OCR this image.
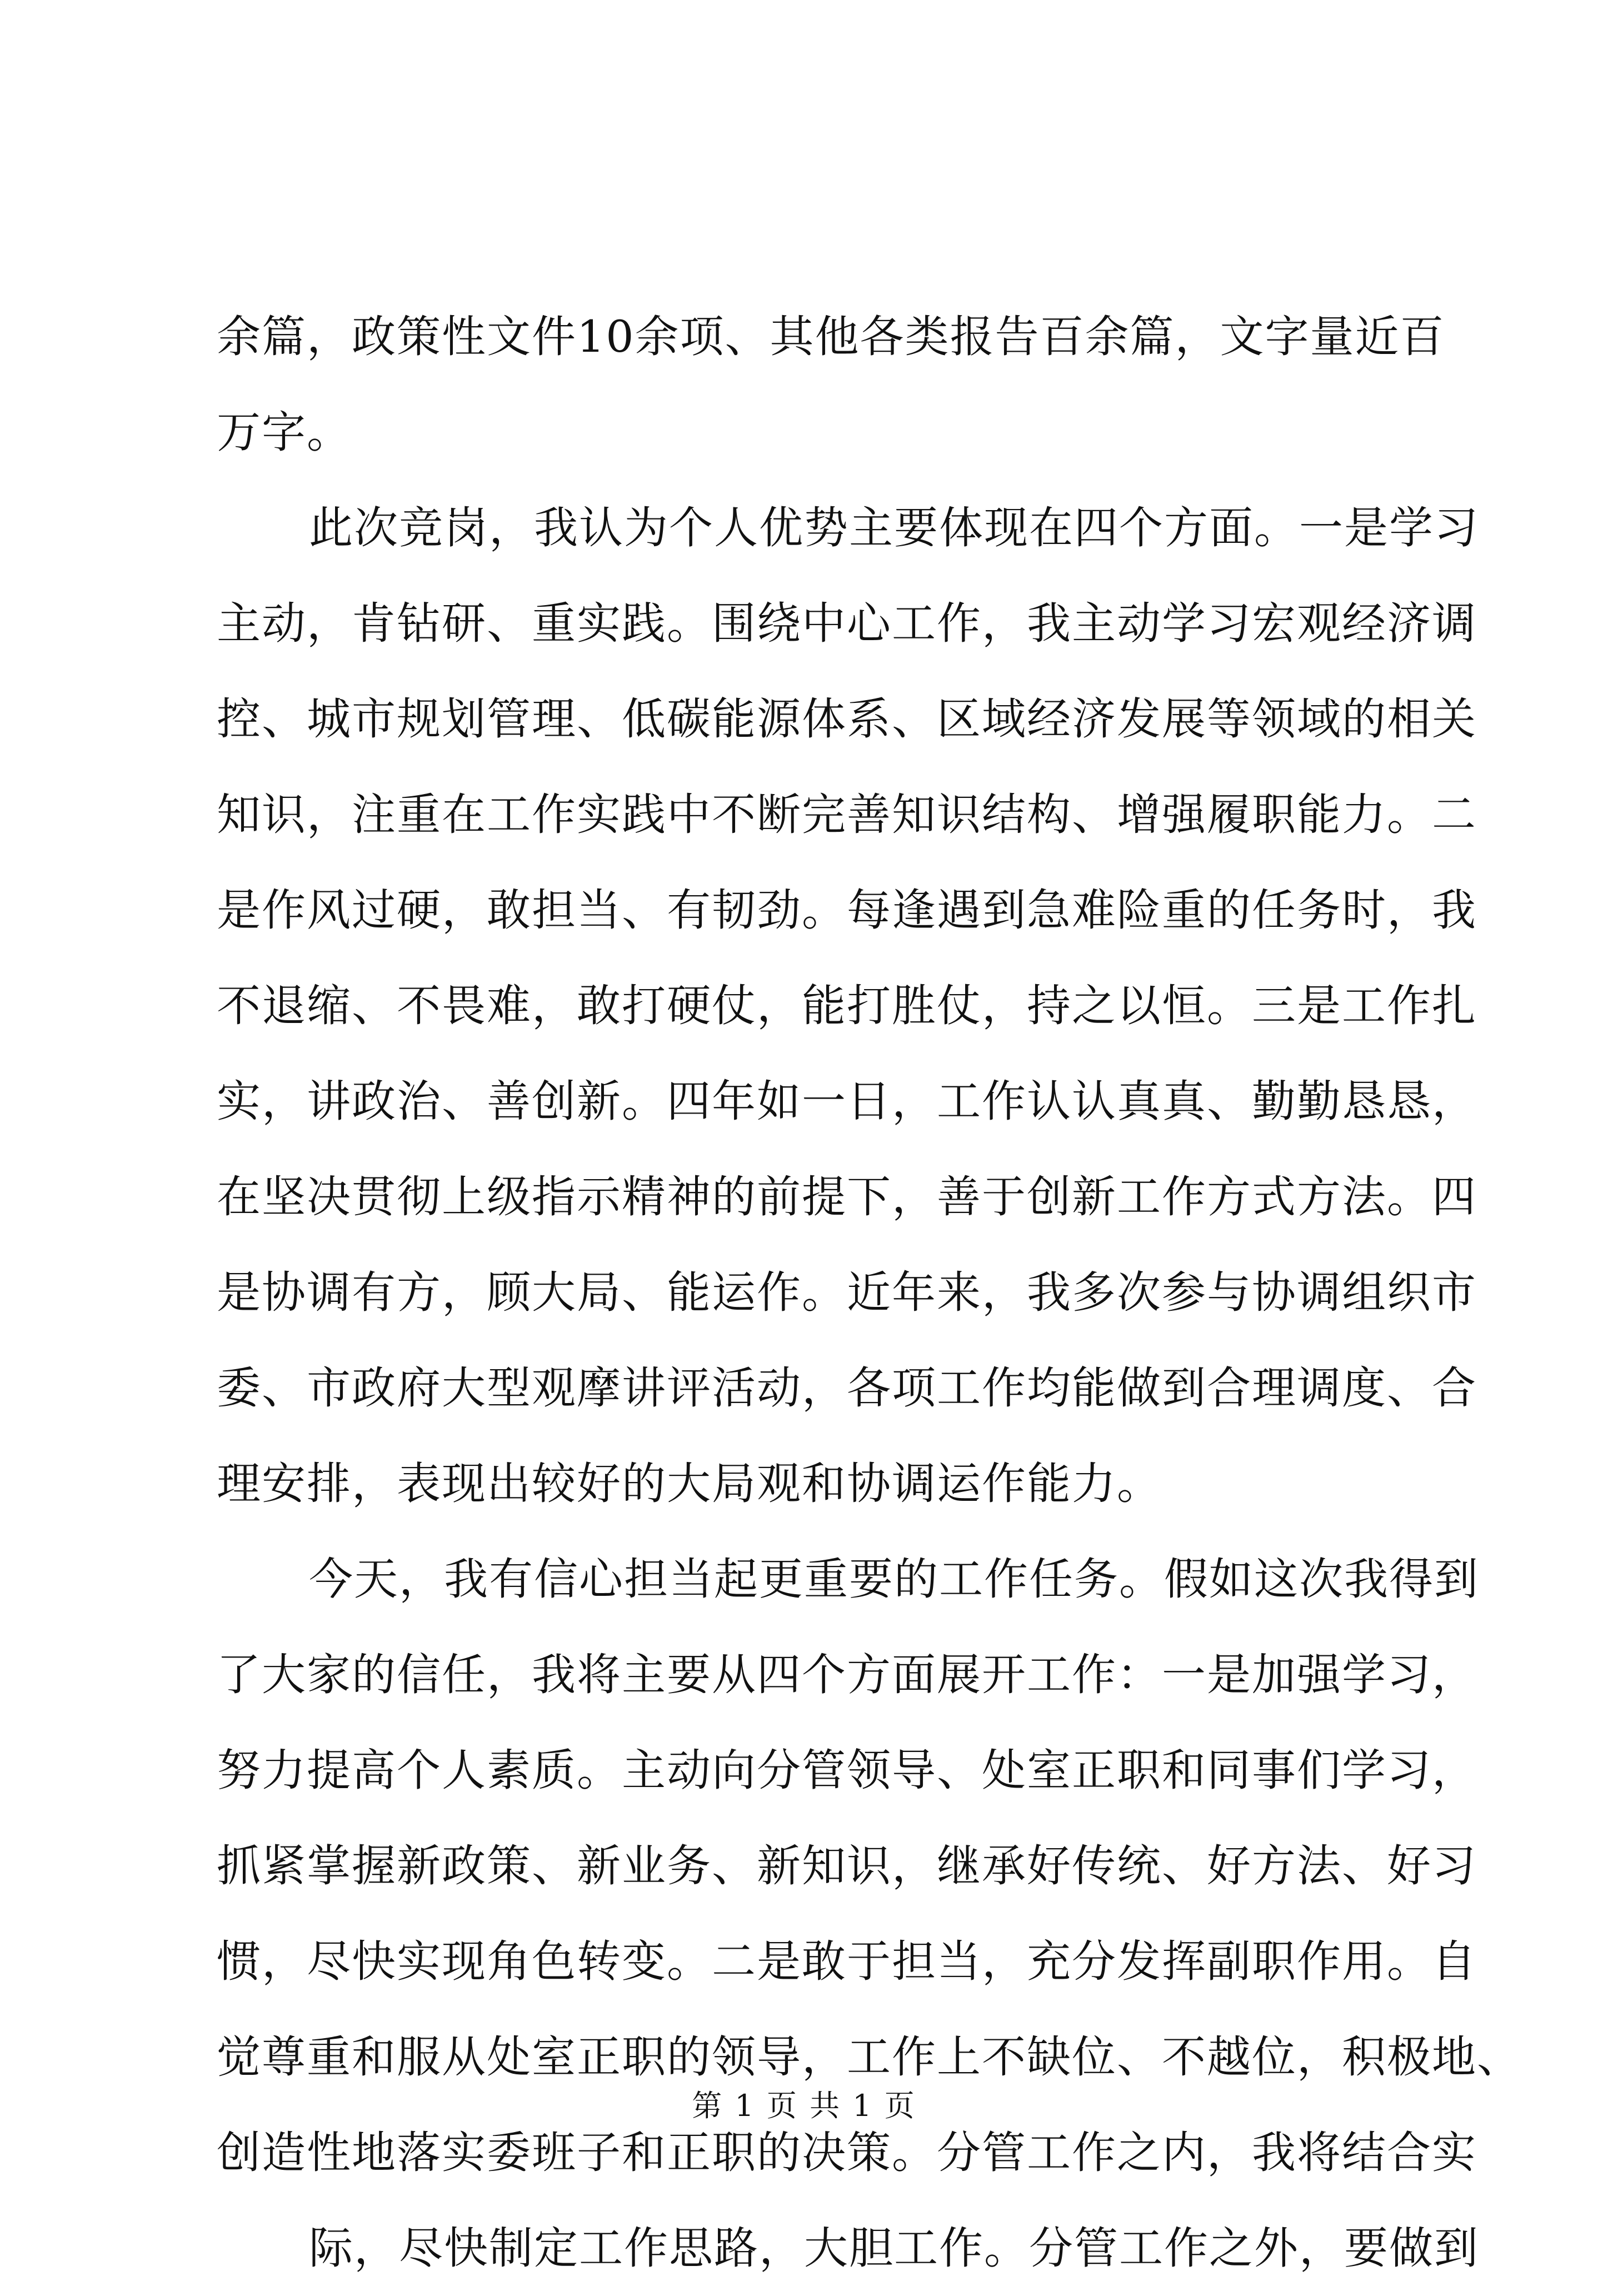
余篇，政策性文件10余项、其他各类报告百余篇，文字量近百
万字。
此次竞岗，我认为个人优势主要体现在四个方面。一是学习
主动，肯钻研、重实践。围绕中心工作，我主动学习宏观经济调
控、城市规划管理、低碳能源体系、区域经济发展等领域的相关
知识，注重在工作实践中不断完善知识结构、增强履职能力。二
是作风过硬，敢担当、有韧劲。每逢遇到急难险重的任务时，我
不退缩、不畏难，敢打硬仗，能打胜仗，持之以恒。三是工作扎
实，讲政治、善创新。四年如一日，工作认认真真、勤勤恳恳，
在坚决贯彻上级指示精神的前提下，善于创新工作方式方法。四
是协调有方，顾大局、能运作。近年来，我多次参与协调组织市
委、市政府大型观摩讲评活动，各项工作均能做到合理调度、合
理安排，表现出较好的大局观和协调运作能力。
今天，我有信心担当起更重要的工作任务。假如这次我得到
了大家的信任，我将主要从四个方面展开工作：一是加强学习，
努力提高个人素质。主动向分管领导、处室正职和同事们学习，
抓紧掌握新政策、新业务、新知识，继承好传统、好方法、好习
惯，尽快实现角色转变。二是敢于担当，充分发挥副职作用。自
觉尊重和服从处室正职的领导，工作上不缺位、不越位，积极地、
创造性地落实委班子和正职的决策。分管工作之内，我将结合实
际，尽快制定工作思路，大胆工作。分管工作之外，要做到
第 1 页 共 1 页
